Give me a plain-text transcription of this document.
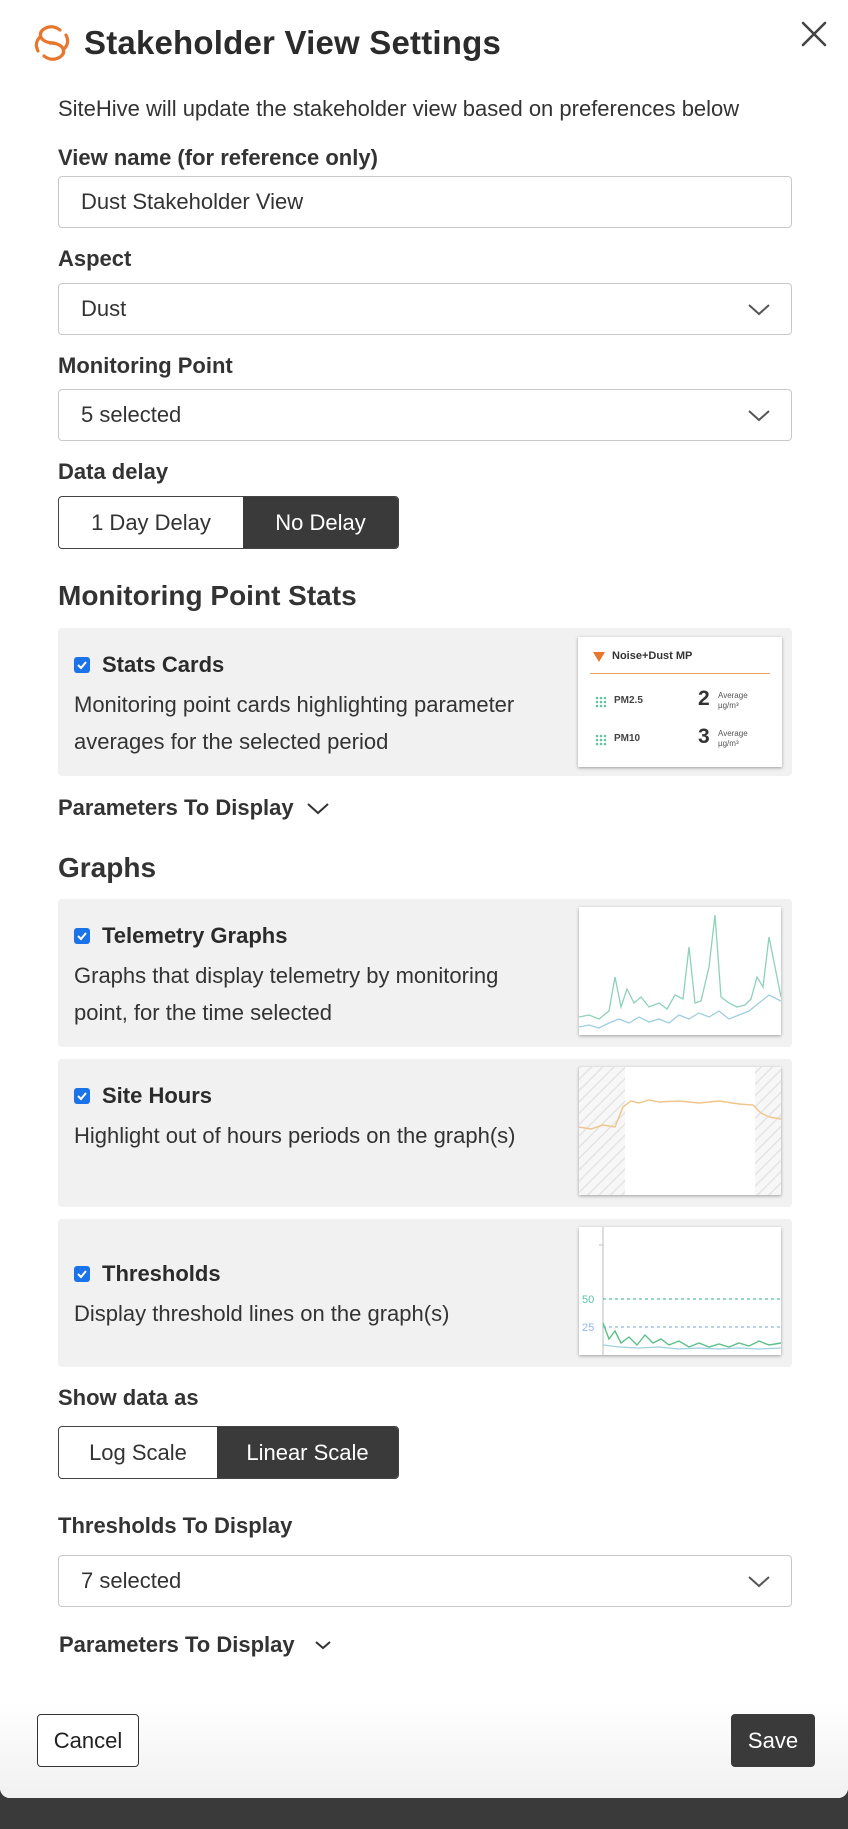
Stakeholder View Settings
SiteHive will update the stakeholder view based on preferences below
View name (for reference only)
Dust Stakeholder View
Aspect
Dust
Monitoring Point
5 selected
Data delay
1 Day Delay	No Delay
Monitoring Point Stats
Stats Cards
Monitoring point cards highlighting parameter averages for the selected period
Noise+Dust MP
PM2.5	2 Average
µg/m³
PM10	3 Average
µg/m³
Parameters To Display
Graphs
Telemetry Graphs
Graphs that display telemetry by monitoring point, for the time selected
Site Hours
Highlight out of hours periods on the graph(s)
Thresholds
Display threshold lines on the graph(s)
50
25
Show data as
Log Scale	Linear Scale
Thresholds To Display
7 selected
Parameters To Display
Cancel	Save
